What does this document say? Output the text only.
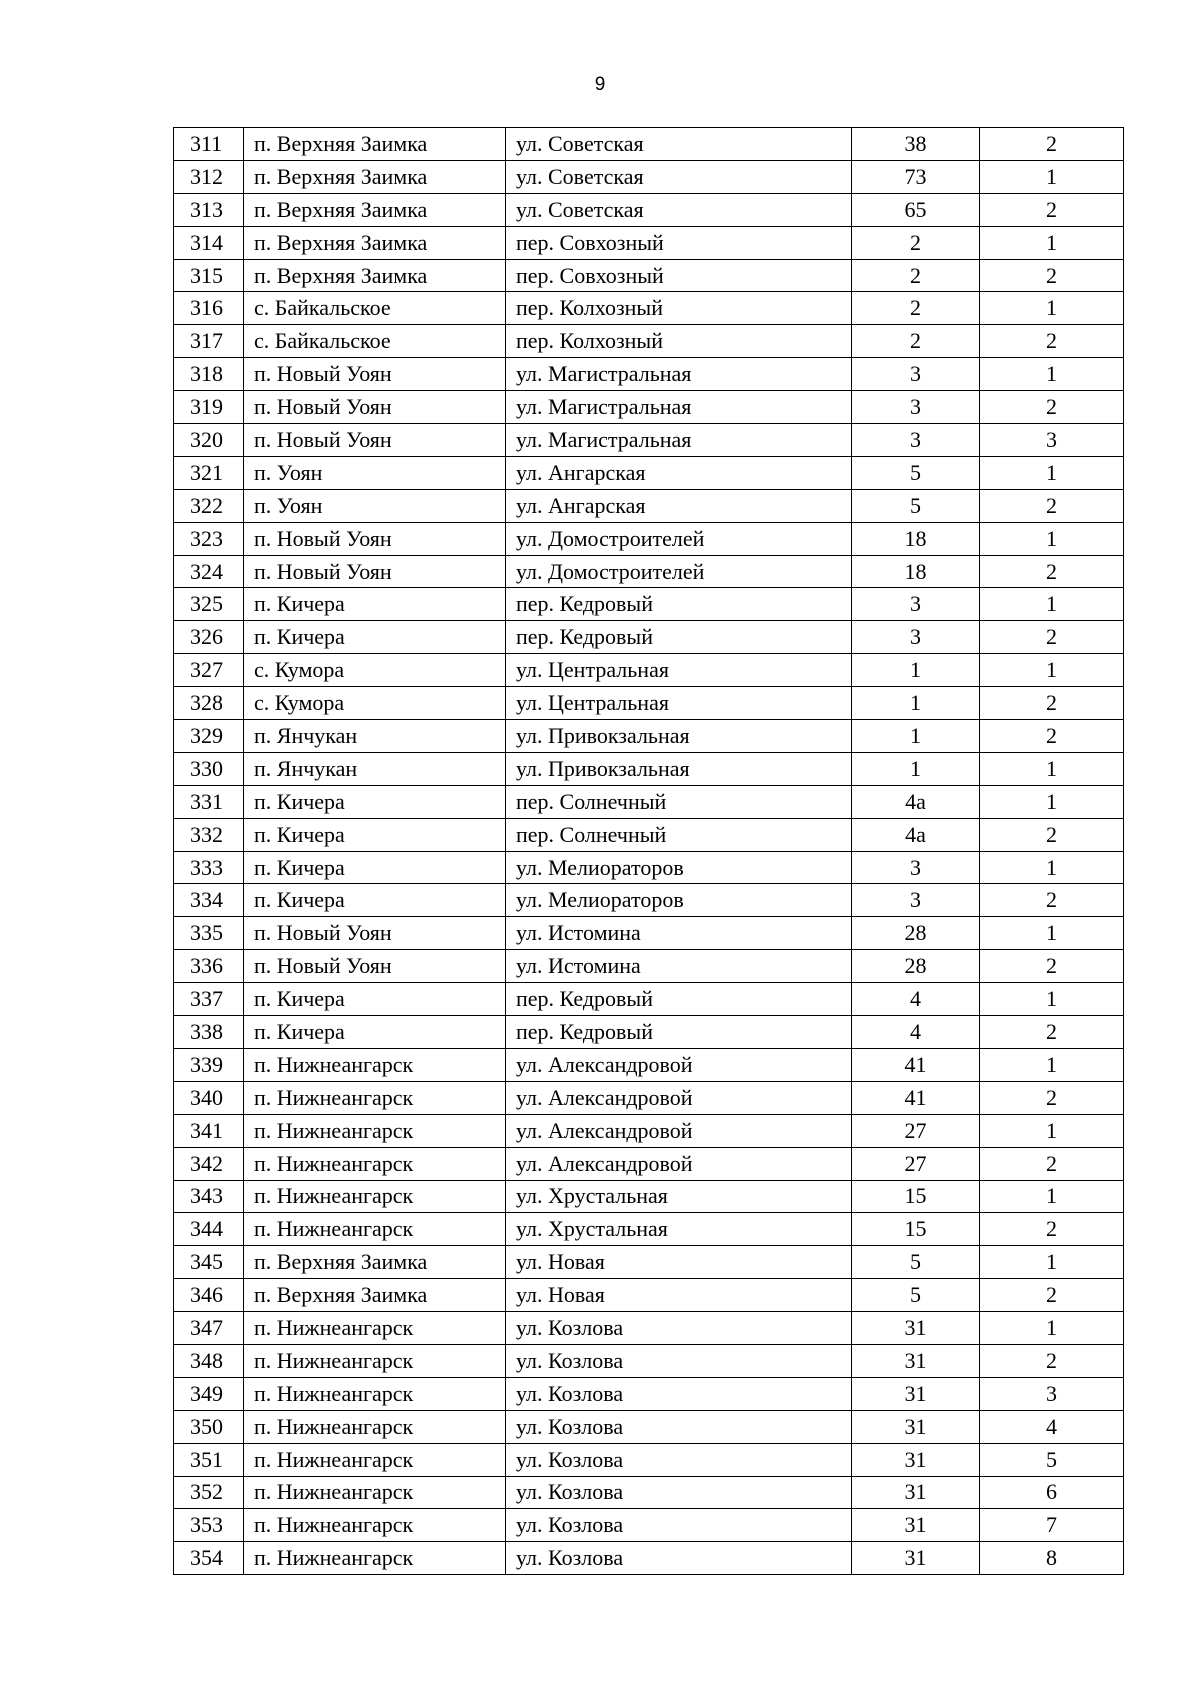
9
311	п. Верхняя Заимка	ул. Советская	38	2
312	п. Верхняя Заимка	ул. Советская	73	1
313	п. Верхняя Заимка	ул. Советская	65	2
314	п. Верхняя Заимка	пер. Совхозный	2	1
315	п. Верхняя Заимка	пер. Совхозный	2	2
316	с. Байкальское	пер. Колхозный	2	1
317	с. Байкальское	пер. Колхозный	2	2
318	п. Новый Уоян	ул. Магистральная	3	1
319	п. Новый Уоян	ул. Магистральная	3	2
320	п. Новый Уоян	ул. Магистральная	3	3
321	п. Уоян	ул. Ангарская	5	1
322	п. Уоян	ул. Ангарская	5	2
323	п. Новый Уоян	ул. Домостроителей	18	1
324	п. Новый Уоян	ул. Домостроителей	18	2
325	п. Кичера	пер. Кедровый	3	1
326	п. Кичера	пер. Кедровый	3	2
327	с. Кумора	ул. Центральная	1	1
328	с. Кумора	ул. Центральная	1	2
329	п. Янчукан	ул. Привокзальная	1	2
330	п. Янчукан	ул. Привокзальная	1	1
331	п. Кичера	пер. Солнечный	4а	1
332	п. Кичера	пер. Солнечный	4а	2
333	п. Кичера	ул. Мелиораторов	3	1
334	п. Кичера	ул. Мелиораторов	3	2
335	п. Новый Уоян	ул. Истомина	28	1
336	п. Новый Уоян	ул. Истомина	28	2
337	п. Кичера	пер. Кедровый	4	1
338	п. Кичера	пер. Кедровый	4	2
339	п. Нижнеангарск	ул. Александровой	41	1
340	п. Нижнеангарск	ул. Александровой	41	2
341	п. Нижнеангарск	ул. Александровой	27	1
342	п. Нижнеангарск	ул. Александровой	27	2
343	п. Нижнеангарск	ул. Хрустальная	15	1
344	п. Нижнеангарск	ул. Хрустальная	15	2
345	п. Верхняя Заимка	ул. Новая	5	1
346	п. Верхняя Заимка	ул. Новая	5	2
347	п. Нижнеангарск	ул. Козлова	31	1
348	п. Нижнеангарск	ул. Козлова	31	2
349	п. Нижнеангарск	ул. Козлова	31	3
350	п. Нижнеангарск	ул. Козлова	31	4
351	п. Нижнеангарск	ул. Козлова	31	5
352	п. Нижнеангарск	ул. Козлова	31	6
353	п. Нижнеангарск	ул. Козлова	31	7
354	п. Нижнеангарск	ул. Козлова	31	8
